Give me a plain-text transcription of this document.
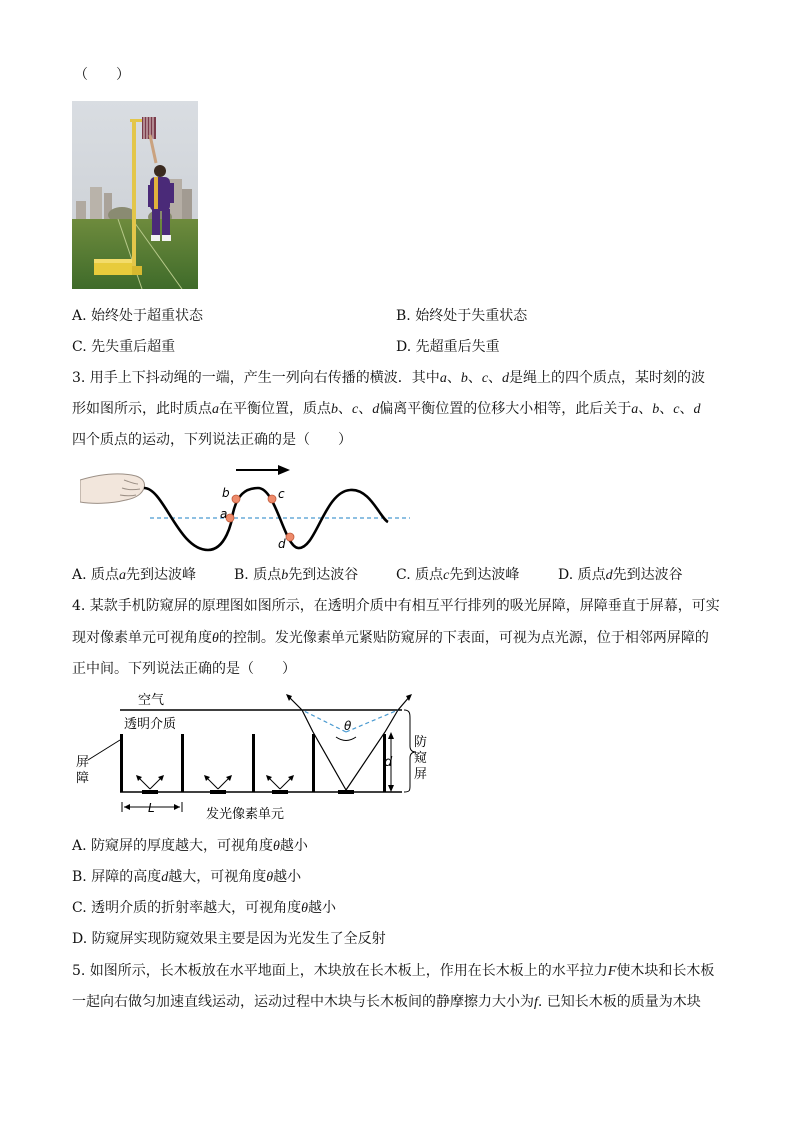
（　　）
A. 始终处于超重状态	B. 始终处于失重状态
C. 先失重后超重	D. 先超重后失重
3. 用手上下抖动绳的一端，产生一列向右传播的横波．其中a、b、c、d是绳上的四个质点，某时刻的波
形如图所示，此时质点a在平衡位置，质点b、c、d偏离平衡位置的位移大小相等，此后关于a、b、c、d
四个质点的运动，下列说法正确的是（　　）
a
b	c
d
A. 质点a先到达波峰	B. 质点b先到达波谷	C. 质点c先到达波峰	D. 质点d先到达波谷
4. 某款手机防窥屏的原理图如图所示，在透明介质中有相互平行排列的吸光屏障，屏障垂直于屏幕，可实
现对像素单元可视角度θ的控制。发光像素单元紧贴防窥屏的下表面，可视为点光源，位于相邻两屏障的
正中间。下列说法正确的是（　　）
空气
透明介质
屏
障
发光像素单元
L
d
θ
防
窥
屏
A. 防窥屏的厚度越大，可视角度θ越小
B. 屏障的高度d越大，可视角度θ越小
C. 透明介质的折射率越大，可视角度θ越小
D. 防窥屏实现防窥效果主要是因为光发生了全反射
5. 如图所示，长木板放在水平地面上，木块放在长木板上，作用在长木板上的水平拉力F使木块和长木板
一起向右做匀加速直线运动，运动过程中木块与长木板间的静摩擦力大小为f. 已知长木板的质量为木块
